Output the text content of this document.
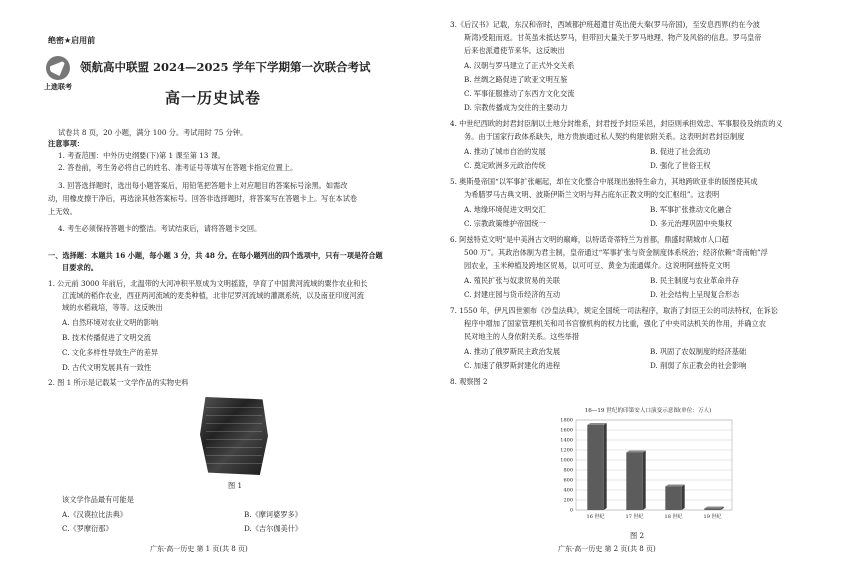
绝密★启用前
上進联考
领航高中联盟 2024—2025 学年下学期第一次联合考试
高一历史试卷
试卷共 8 页，20 小题，满分 100 分。考试用时 75 分钟。
注意事项：
1. 考查范围：中外历史纲要(下)第 1 课至第 13 课。
2. 答卷前，考生务必将自己的姓名、准考证号等填写在答题卡指定位置上。
3. 回答选择题时，选出每小题答案后，用铅笔把答题卡上对应题目的答案标号涂黑。如需改
动，用橡皮擦干净后，再选涂其他答案标号。回答非选择题时，将答案写在答题卡上。写在本试卷
上无效。
4. 考生必须保持答题卡的整洁。考试结束后，请将答题卡交回。
一、选择题：本题共 16 小题，每小题 3 分，共 48 分。在每小题列出的四个选项中，只有一项是符合题
目要求的。
1. 公元前 3000 年前后，北温带的大河冲积平原成为文明摇篮，孕育了中国黄河流域的粟作农业和长
江流域的稻作农业，西亚两河流域的麦类种植，北非尼罗河流域的灌溉系统，以及南亚印度河流
域的水稻栽培，等等。这反映出
A. 自然环境对农业文明的影响
B. 技术传播促进了文明交流
C. 文化多样性导致生产的差异
D. 古代文明发展具有一致性
2. 图 1 所示是记载某一文学作品的实物史料
图 1
该文学作品最有可能是
A.《汉谟拉比法典》	B.《摩诃婆罗多》
C.《罗摩衍那》	D.《吉尔伽美什》
广东·高一历史 第 1 页(共 8 页)
3.《后汉书》记载，东汉和帝时，西域都护班超遣甘英出使大秦(罗马帝国)，至安息西界(约在今波
斯湾)受阻而返。甘英虽未抵达罗马，但带回大量关于罗马地理、物产及风俗的信息。罗马皇帝
后来也派遣使节来华。这反映出
A. 汉朝与罗马建立了正式外交关系
B. 丝绸之路促进了欧亚文明互鉴
C. 军事征服推动了东西方文化交流
D. 宗教传播成为交往的主要动力
4. 中世纪西欧的封君封臣制以土地分封维系，封君授予封臣采邑，封臣则承担效忠、军事服役及纳贡的义
务。由于国家行政体系缺失，地方贵族通过私人契约构建依附关系。这表明封君封臣制度
A. 推动了城市自治的发展	B. 促进了社会流动
C. 奠定欧洲多元政治传统	D. 强化了世俗王权
5. 奥斯曼帝国“以军事扩张崛起，却在文化整合中展现出独特生命力，其地跨欧亚非的版图使其成
为希腊罗马古典文明、波斯伊斯兰文明与拜占庭东正教文明的交汇枢纽”。这表明
A. 地缘环境促进文明交汇	B. 军事扩张推动文化融合
C. 宗教政策维护帝国统一	D. 多元治理巩固中央集权
6. 阿兹特克文明“是中美洲古文明的巅峰，以特诺奇蒂特兰为首都，鼎盛时期城市人口超
500 万”。其政治体制为君主制，皇帝通过“军事扩张与资金制度体系统治；经济依赖“奇南帕”浮
园农业，玉米种植及跨地区贸易，以可可豆、黄金为流通媒介。这说明阿兹特克文明
A. 殖民扩张与奴隶贸易的关联	B. 民主制度与农业革命并存
C. 封建庄园与货币经济的互动	D. 社会结构上呈现复合形态
7. 1550 年，伊凡四世颁布《沙皇法典》，规定全国统一司法程序，取消了封臣王公的司法特权，在诉讼
程序中增加了国家管理机关和司书官僚机构的权力比重，强化了中央司法机关的作用，并确立农
民对地主的人身依附关系。这些举措
A. 推动了俄罗斯民主政治发展	B. 巩固了农奴制度的经济基础
C. 加速了俄罗斯封建化的进程	D. 削弱了东正教会的社会影响
8. 观察图 2
广东·高一历史 第 2 页(共 8 页)
图 2
16—19 世纪的印第安人口演变示意图(单位：万人)
0
200
400
600
800
1000
1200
1400
1600
1800
16 世纪	17 世纪	18 世纪	19 世纪
